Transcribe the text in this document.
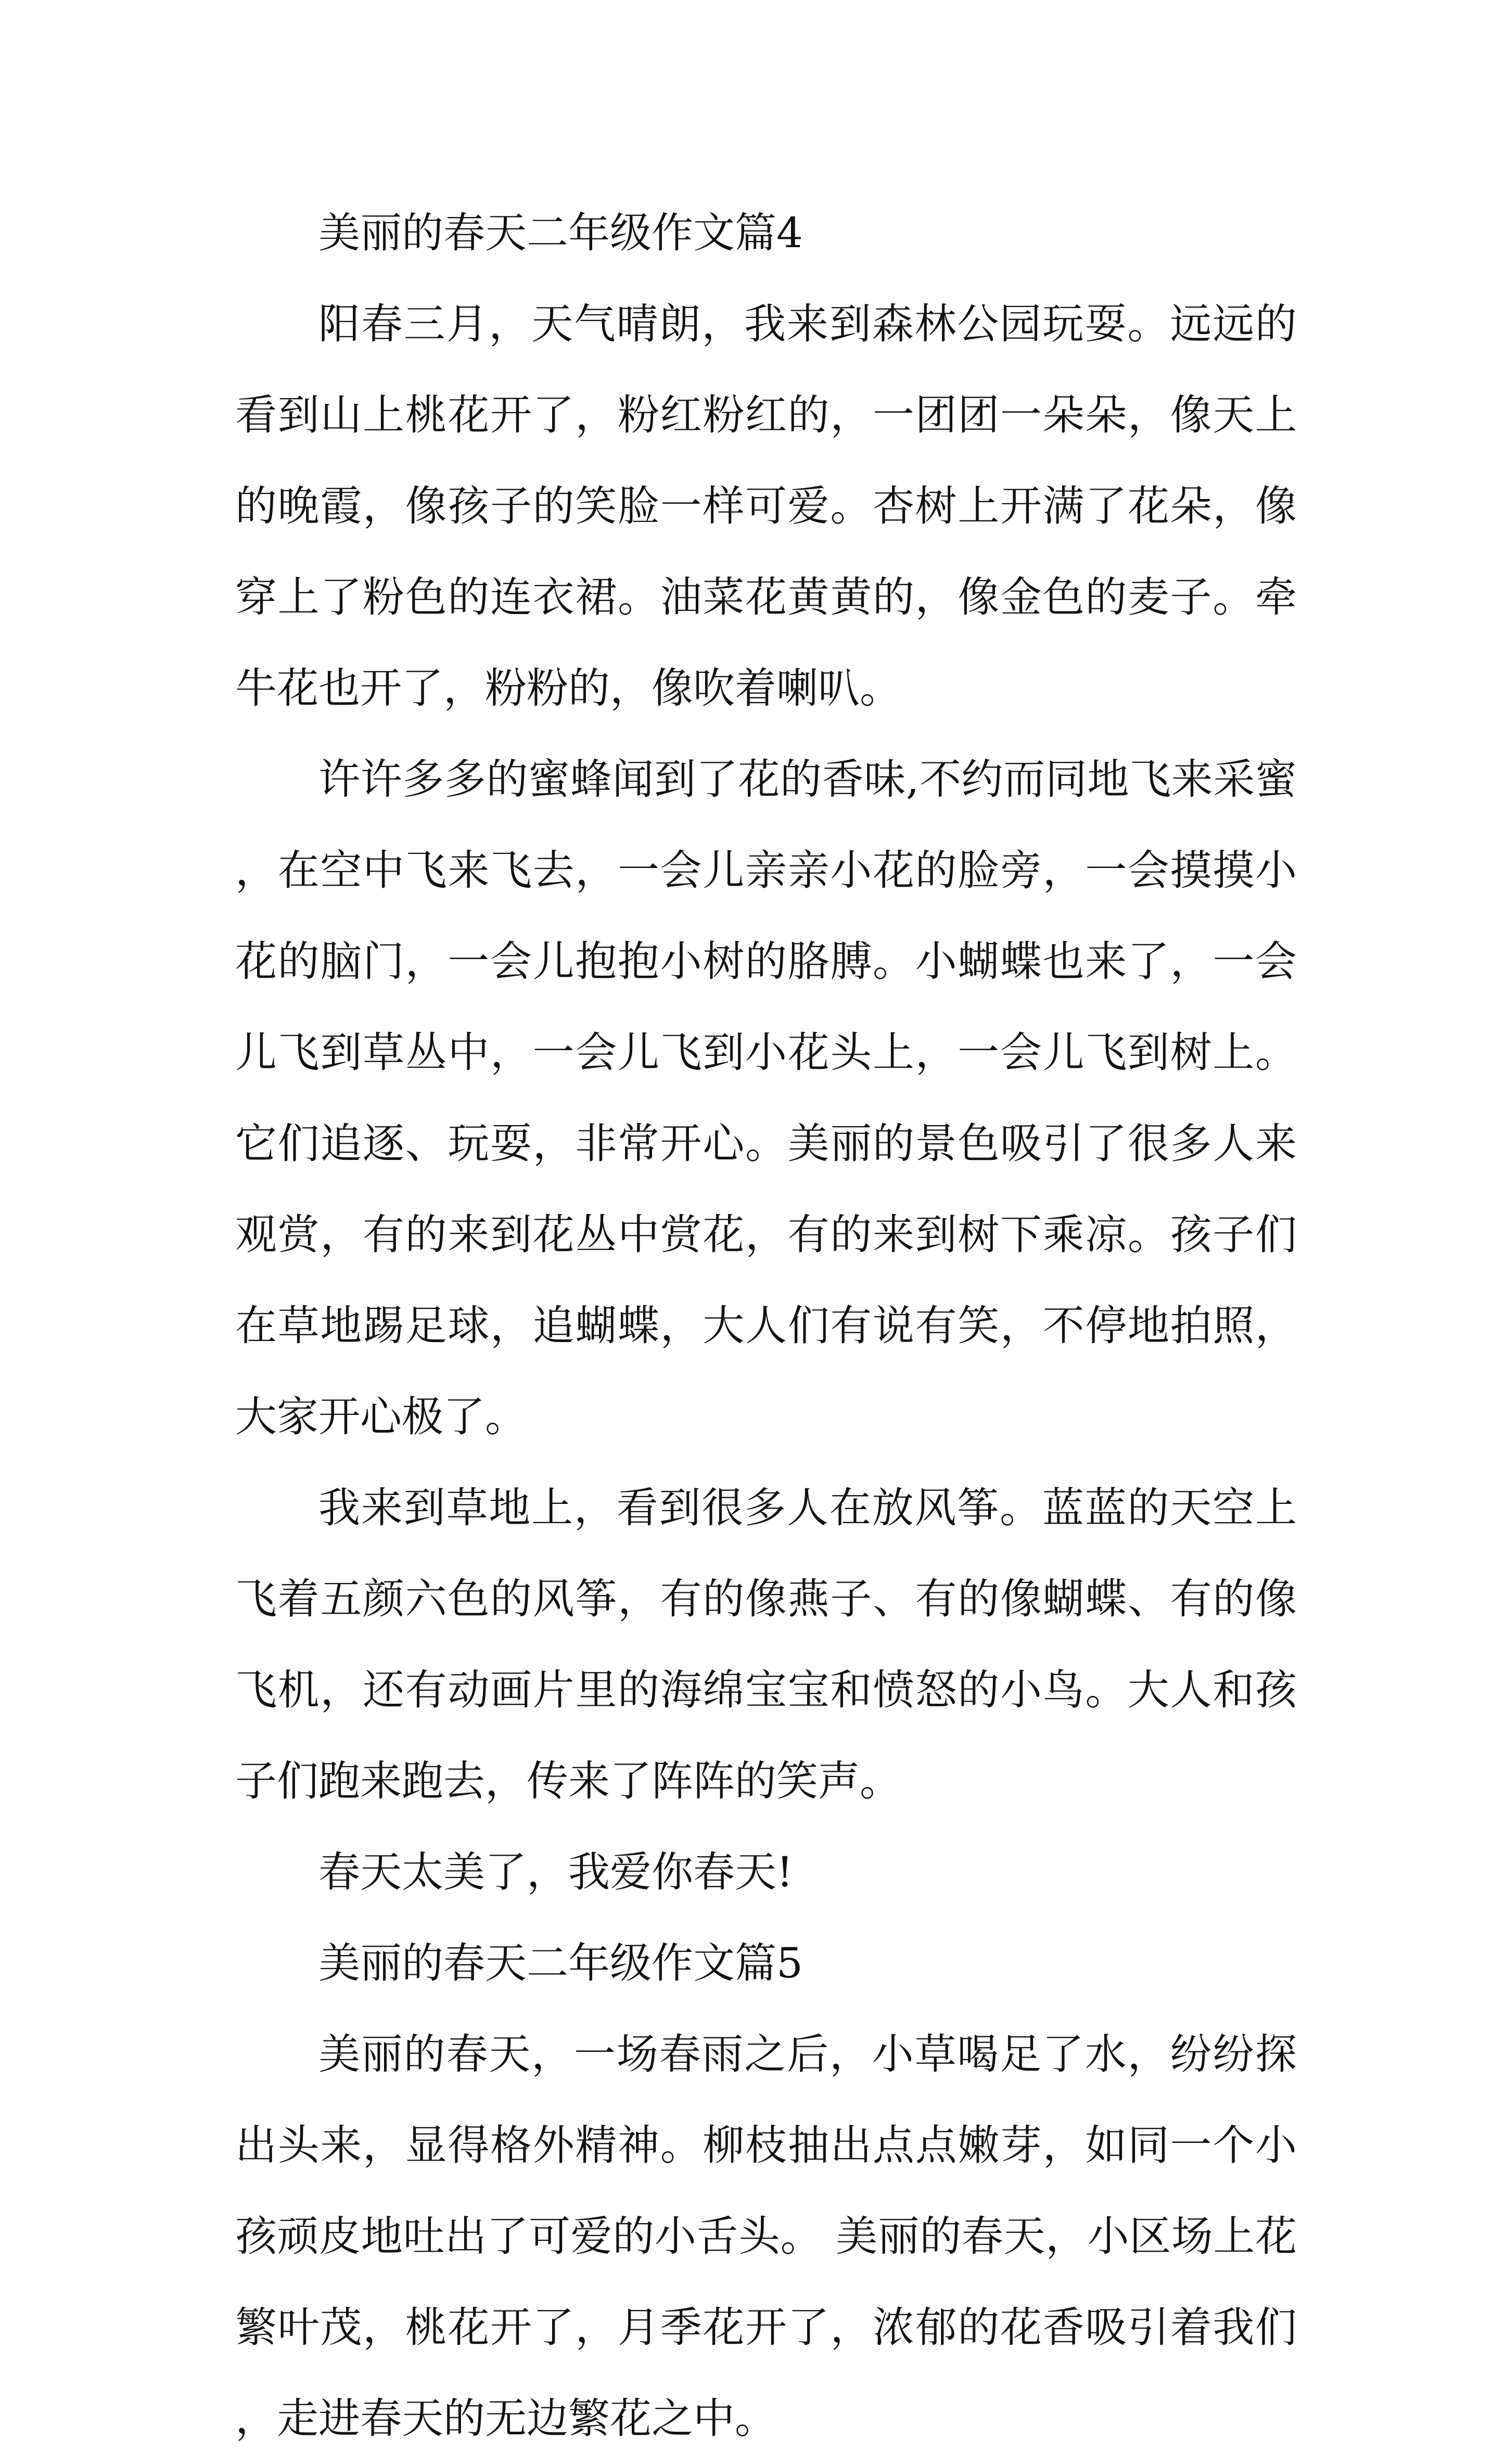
美丽的春天二年级作文篇4

阳春三月，天气晴朗，我来到森林公园玩耍。远远的看到山上桃花开了，粉红粉红的，一团团一朵朵，像天上的晚霞，像孩子的笑脸一样可爱。杏树上开满了花朵，像穿上了粉色的连衣裙。油菜花黄黄的，像金色的麦子。牵牛花也开了，粉粉的，像吹着喇叭。

许许多多的蜜蜂闻到了花的香味,不约而同地飞来采蜜，在空中飞来飞去，一会儿亲亲小花的脸旁，一会摸摸小花的脑门，一会儿抱抱小树的胳膊。小蝴蝶也来了，一会儿飞到草丛中，一会儿飞到小花头上，一会儿飞到树上。它们追逐、玩耍，非常开心。美丽的景色吸引了很多人来观赏，有的来到花丛中赏花，有的来到树下乘凉。孩子们在草地踢足球，追蝴蝶，大人们有说有笑，不停地拍照，大家开心极了。

我来到草地上，看到很多人在放风筝。蓝蓝的天空上飞着五颜六色的风筝，有的像燕子、有的像蝴蝶、有的像飞机，还有动画片里的海绵宝宝和愤怒的小鸟。大人和孩子们跑来跑去，传来了阵阵的笑声。

春天太美了，我爱你春天!

美丽的春天二年级作文篇5

美丽的春天，一场春雨之后，小草喝足了水，纷纷探出头来，显得格外精神。柳枝抽出点点嫩芽，如同一个小孩顽皮地吐出了可爱的小舌头。 美丽的春天，小区场上花繁叶茂，桃花开了，月季花开了，浓郁的花香吸引着我们，走进春天的无边繁花之中。
